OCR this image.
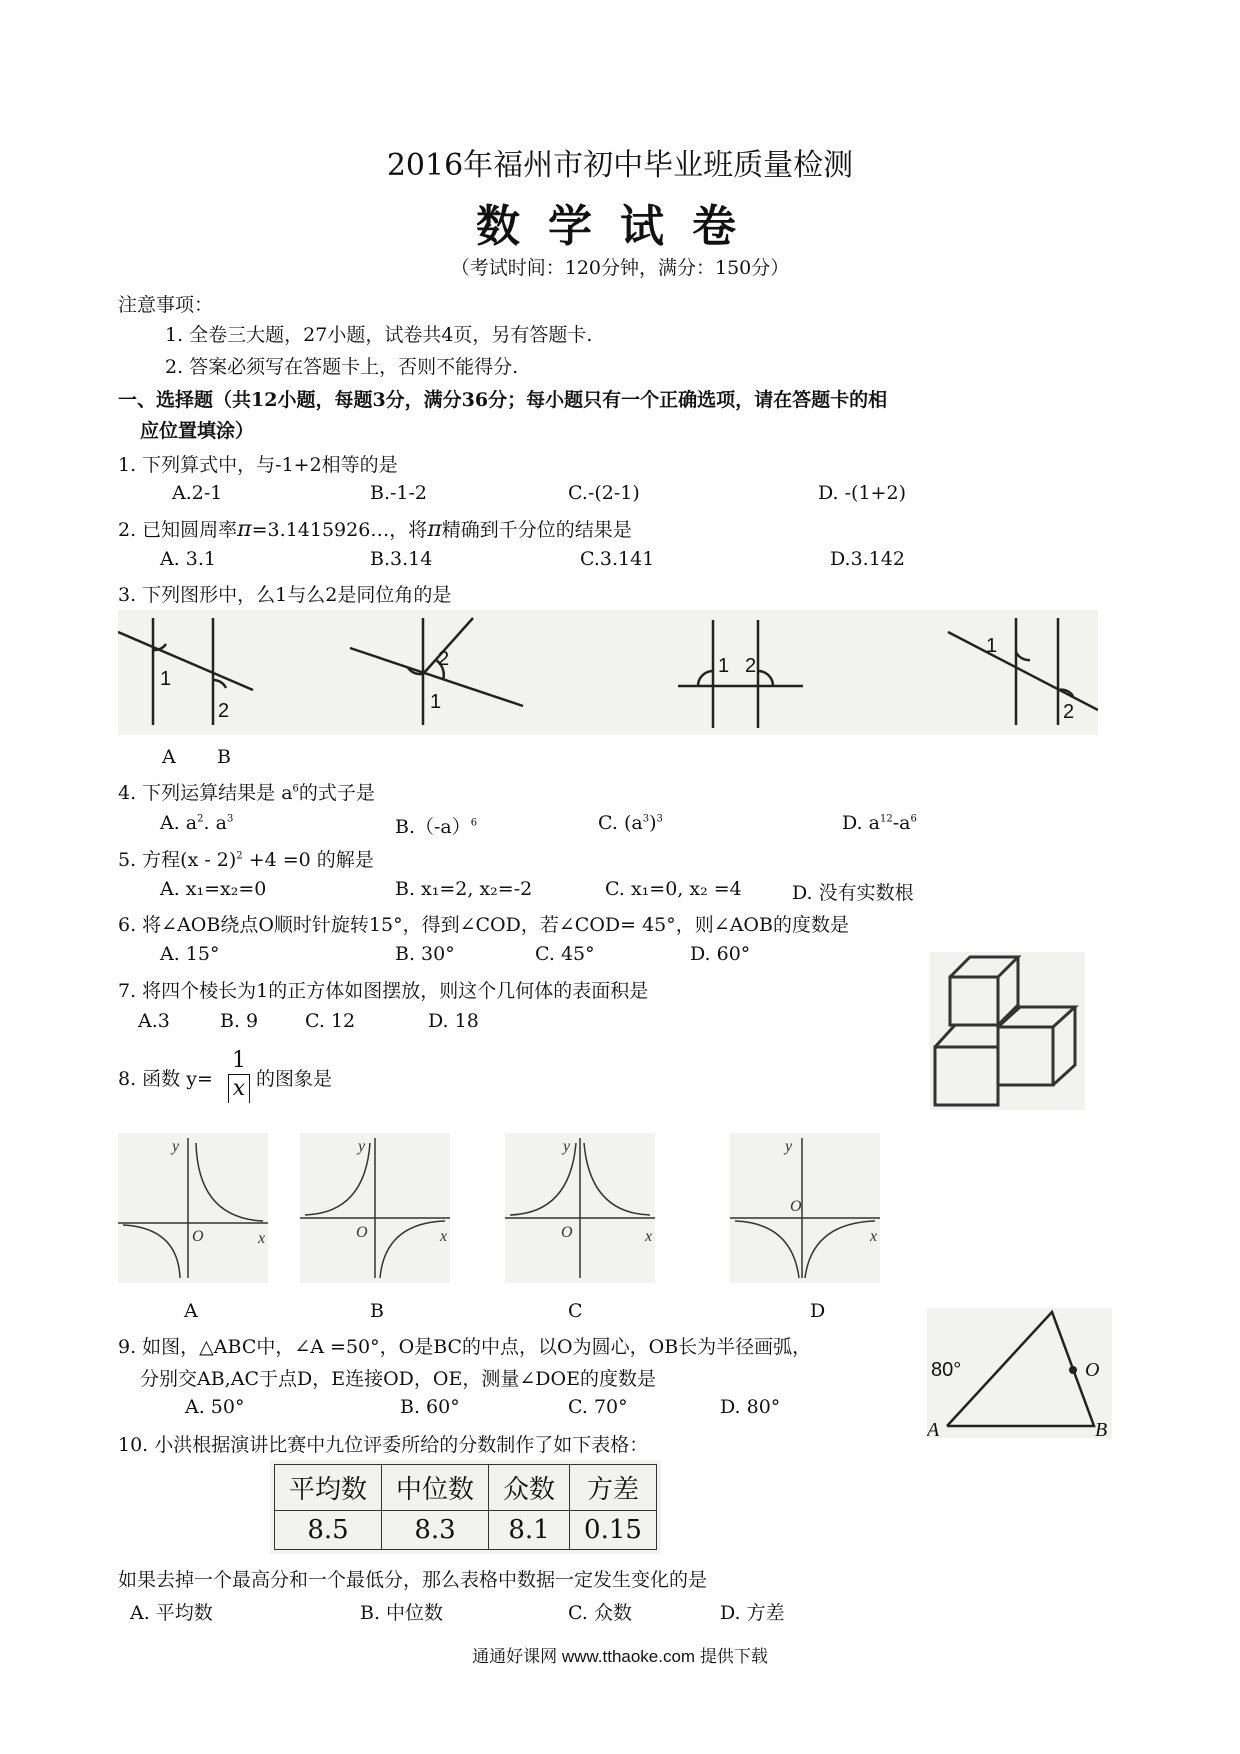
2016年福州市初中毕业班质量检测
数学试卷
（考试时间：120分钟，满分：150分）
注意事项：
1. 全卷三大题，27小题，试卷共4页，另有答题卡.
2. 答案必须写在答题卡上，否则不能得分.
一、选择题（共12小题，每题3分，满分36分；每小题只有一个正确选项，请在答题卡的相
应位置填涂）
1. 下列算式中，与-1+2相等的是
A.2-1	B.-1-2	C.-(2-1)	D. -(1+2)
2. 已知圆周率π=3.1415926…，将π精确到千分位的结果是
A. 3.1	B.3.14	C.3.141	D.3.142
3. 下列图形中，么1与么2是同位角的是
1
2	1
2	1 2
1
2
A B
4. 下列运算结果是 $a^6$的式子是
A. $a^2$. $a^3$	$B.(-a)^6$	C. $(a^3)^3$	D. $a^{12}-a^6$
5. 方程(x - 2)$^2$ +4 =0 的解是
A. x₁=x₂=0	B. x₁=2, x₂=-2	C. x₁=0, x₂ =4	D. 没有实数根
6. 将∠AOB绕点O顺时针旋转15°，得到∠COD，若∠COD= 45°，则∠AOB的度数是
A. 15°	B. 30°	C. 45°	D. 60°
7. 将四个棱长为1的正方体如图摆放，则这个几何体的表面积是
A.3	B. 9 C. 12	D. 18
8. 函数 $y= \frac{1}{x}$ 的图象是
y
x
O
y
x
O
y
x
O
y
x
O
A	B	C	D
9. 如图，△ABC中，∠A =50°，O是BC的中点，以O为圆心，OB长为半径画弧，
分别交AB,AC于点D，E连接OD，OE，测量∠DOE的度数是
A. 50°	B. 60°	C. 70°	D. 80°
80°	O
A	B
10. 小洪根据演讲比赛中九位评委所给的分数制作了如下表格：
平均数	中位数	众数	方差
8.5	8.3	8.1	0.15
如果去掉一个最高分和一个最低分，那么表格中数据一定发生变化的是
A. 平均数	B. 中位数	C. 众数	D. 方差
通通好课网 www.tthaoke.com 提供下载
